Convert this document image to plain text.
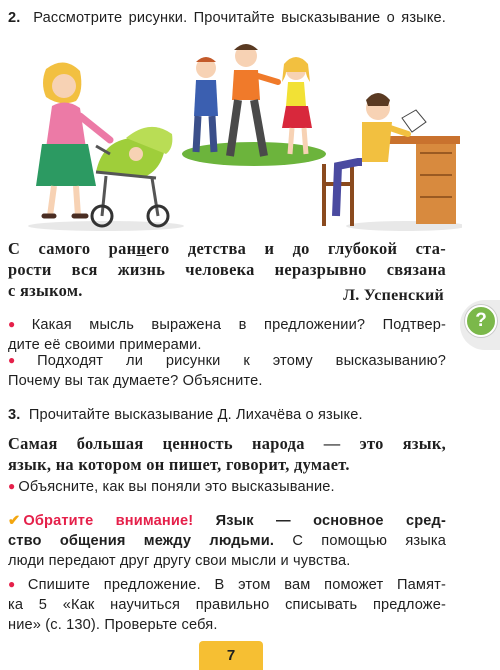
2. Рассмотрите рисунки. Прочитайте высказывание о языке.
С самого раннего детства и до глубокой ста-
рости вся жизнь человека неразрывно связана
с языком.	Л. Успенский
● Какая мысль выражена в предложении? Подтвер-
дите её своими примерами.
● Подходят ли рисунки к этому высказыванию?
Почему вы так думаете? Объясните.
3. Прочитайте высказывание Д. Лихачёва о языке.
Самая большая ценность народа — это язык,
язык, на котором он пишет, говорит, думает.
● Объясните, как вы поняли это высказывание.
✔ Обратите внимание! Язык — основное сред-
ство общения между людьми. С помощью языка
люди передают друг другу свои мысли и чувства.
● Спишите предложение. В этом вам поможет Памят-
ка 5 «Как научиться правильно списывать предложе-
ние» (с. 130). Проверьте себя.
?
7
